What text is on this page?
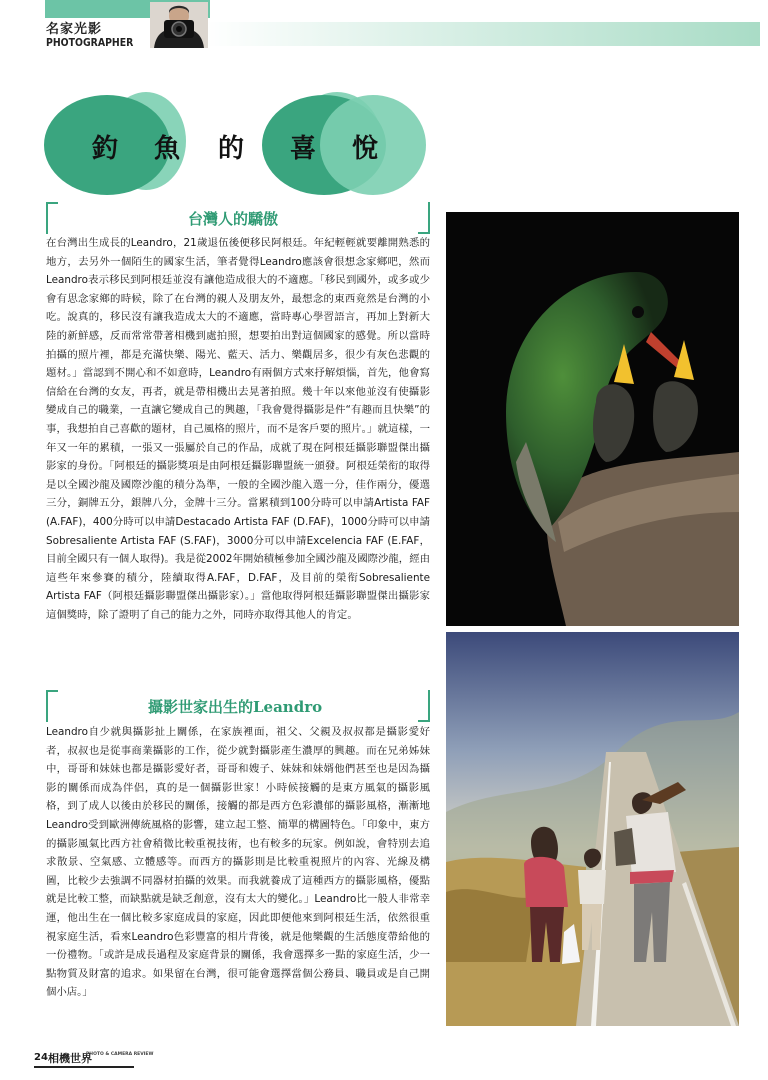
名家光影
PHOTOGRAPHER
釣 魚 的 喜 悅
台灣人的驕傲

在台灣出生成長的Leandro，21歲退伍後便移民阿根廷。年紀輕輕就要離開熟悉的地方，去另外一個陌生的國家生活，筆者覺得Leandro應該會很想念家鄉吧，然而Leandro表示移民到阿根廷並沒有讓他造成很大的不適應。「移民到國外，或多或少會有思念家鄉的時候，除了在台灣的親人及朋友外，最想念的東西竟然是台灣的小吃。說真的，移民沒有讓我造成太大的不適應，當時專心學習語言，再加上對新大陸的新鮮感，反而常常帶著相機到處拍照，想要拍出對這個國家的感覺。所以當時拍攝的照片裡，都是充滿快樂、陽光、藍天、活力、樂觀居多，很少有灰色悲觀的題材。」當認到不開心和不如意時，Leandro有兩個方式來抒解煩惱，首先，他會寫信給在台灣的女友，再者，就是帶相機出去晃著拍照。幾十年以來他並沒有使攝影變成自己的職業，一直讓它變成自己的興趣，「我會覺得攝影是件“有趣而且快樂”的事，我想拍自己喜歡的題材，自己風格的照片，而不是客戶要的照片。」就這樣，一年又一年的累積，一張又一張屬於自己的作品，成就了現在阿根廷攝影聯盟傑出攝影家的身份。「阿根廷的攝影獎項是由阿根廷攝影聯盟統一頒發。阿根廷榮衔的取得是以全國沙龍及國際沙龍的積分為準，一般的全國沙龍入選一分，佳作兩分，優選三分，銅牌五分，銀牌八分，金牌十三分。當累積到100分時可以申請Artista FAF (A.FAF)，400分時可以申請Destacado Artista FAF (D.FAF)，1000分時可以申請Sobresaliente Artista FAF (S.FAF)，3000分可以申請Excelencia FAF (E.FAF，目前全國只有一個人取得)。我是從2002年開始積極參加全國沙龍及國際沙龍，經由這些年來參賽的積分，陸續取得A.FAF，D.FAF，及目前的榮衔Sobresaliente Artista FAF（阿根廷攝影聯盟傑出攝影家）。」當他取得阿根廷攝影聯盟傑出攝影家這個獎時，除了證明了自己的能力之外，同時亦取得其他人的肯定。

攝影世家出生的Leandro

Leandro自少就與攝影扯上關係，在家族裡面，祖父、父親及叔叔都是攝影愛好者，叔叔也是從事商業攝影的工作，從少就對攝影產生濃厚的興趣。而在兄弟姊妹中，哥哥和妹妹也都是攝影愛好者，哥哥和嫂子、妹妹和妹婿他們甚至也是因為攝影的關係而成為伴侶，真的是一個攝影世家！小時候接觸的是東方風氣的攝影風格，到了成人以後由於移民的關係，接觸的都是西方色彩濃郁的攝影風格，漸漸地Leandro受到歐洲傳統風格的影響，建立起工整、簡單的構圖特色。「印象中，東方的攝影風氣比西方社會稍微比較重視技術，也有較多的玩家。例如說，會特別去追求散景、空氣感、立體感等。而西方的攝影則是比較重視照片的內容、光線及構圖，比較少去強調不同器材拍攝的效果。而我就養成了這種西方的攝影風格，優點就是比較工整，而缺點就是缺乏創意，沒有太大的變化。」Leandro比一般人非常幸運，他出生在一個比較多家庭成員的家庭，因此即便他來到阿根廷生活，依然很重視家庭生活，看來Leandro色彩豐富的相片背後，就是他樂觀的生活態度帶給他的一份禮物。「或許是成長過程及家庭背景的關係，我會選擇多一點的家庭生活，少一點物質及財富的追求。如果留在台灣，很可能會選擇當個公務員、職員或是自己開個小店。」

24 相機世界
PHOTO & CAMERA REVIEW
